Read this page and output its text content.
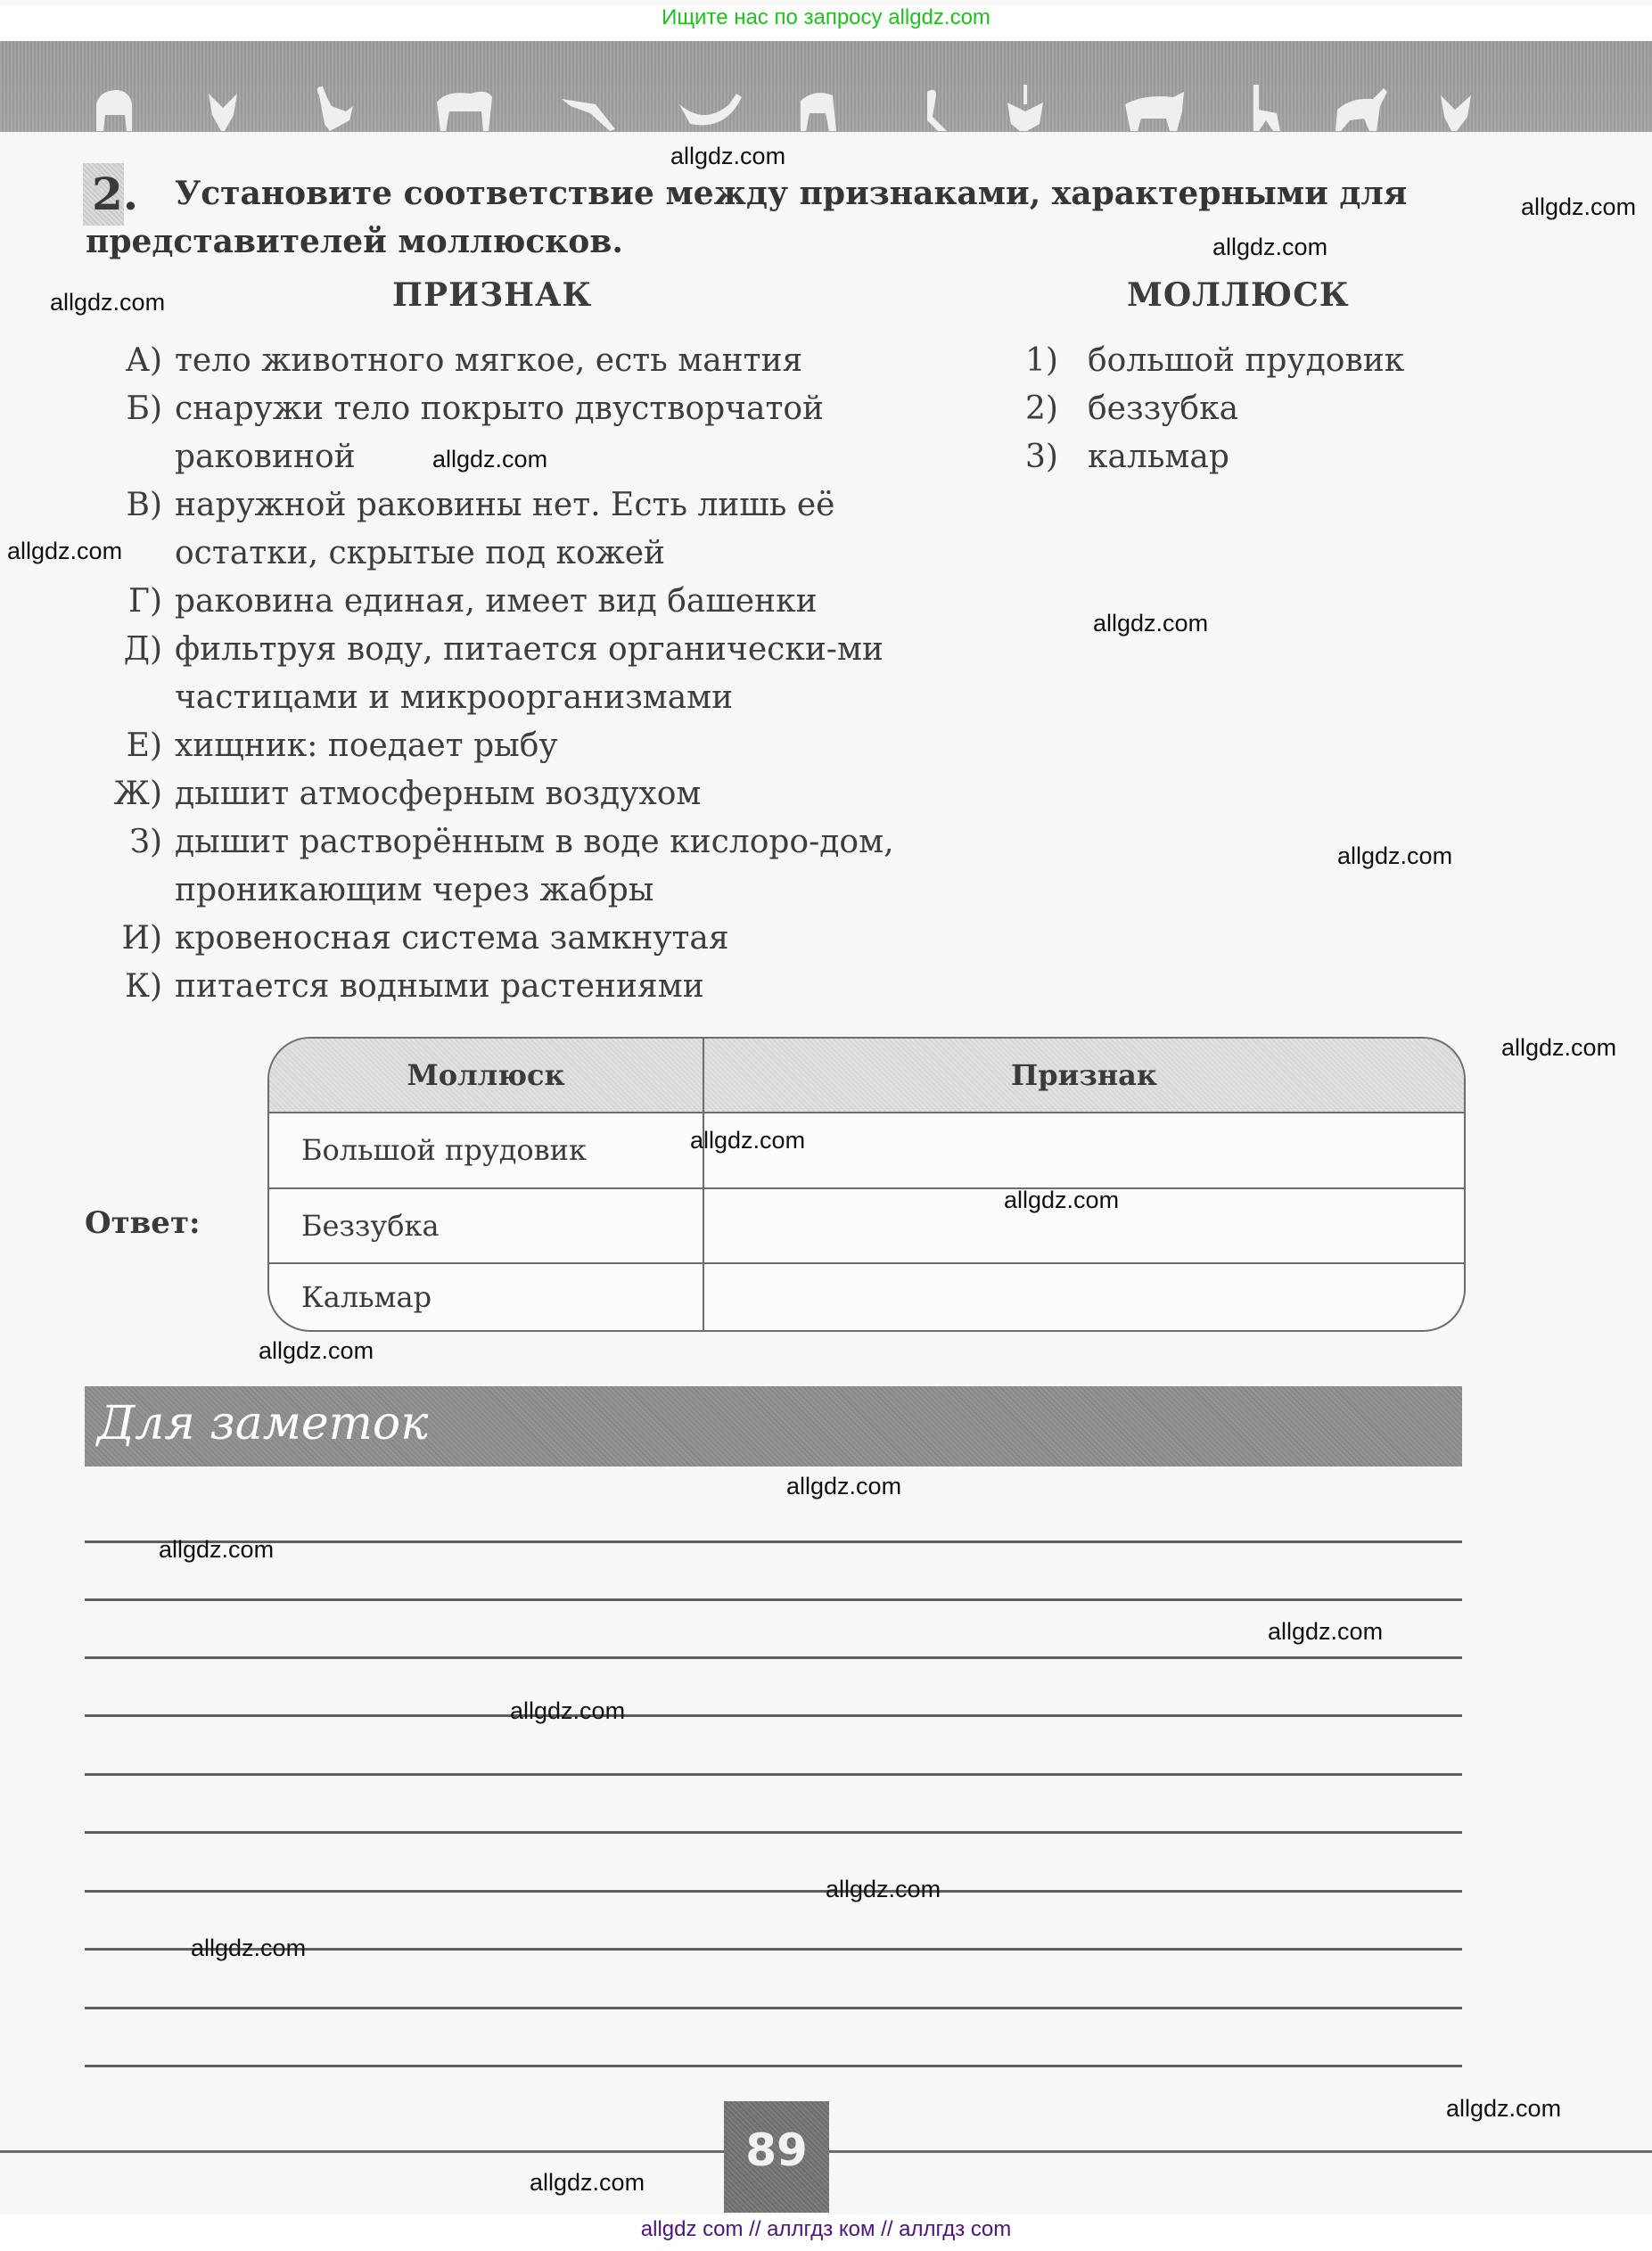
Ищите нас по запросу allgdz.com
2.	Установите соответствие между признаками, характерными для представителей моллюсков.
ПРИЗНАК	МОЛЛЮСК
А) тело животного мягкое, есть мантия
Б) снаружи тело покрыто двустворчатой раковиной
В) наружной раковины нет. Есть лишь её остатки, скрытые под кожей
Г) раковина единая, имеет вид башенки
Д) фильтруя воду, питается органически-ми частицами и микроорганизмами
Е) хищник: поедает рыбу
Ж) дышит атмосферным воздухом
З) дышит растворённым в воде кислоро-дом, проникающим через жабры
И) кровеносная система замкнутая
К) питается водными растениями
1) большой прудовик
2) беззубка
3) кальмар
Ответ:
Моллюск	Признак
Большой прудовик
Беззубка
Кальмар
Для заметок
89
allgdz.com
allgdz.com
allgdz.com
allgdz.com
allgdz.com
allgdz.com
allgdz.com
allgdz.com
allgdz.com
allgdz.com
allgdz.com
allgdz.com
allgdz.com
allgdz.com
allgdz.com
allgdz.com
allgdz.com
allgdz.com
allgdz.com
allgdz.com
allgdz com // аллгдз ком // аллгдз com
